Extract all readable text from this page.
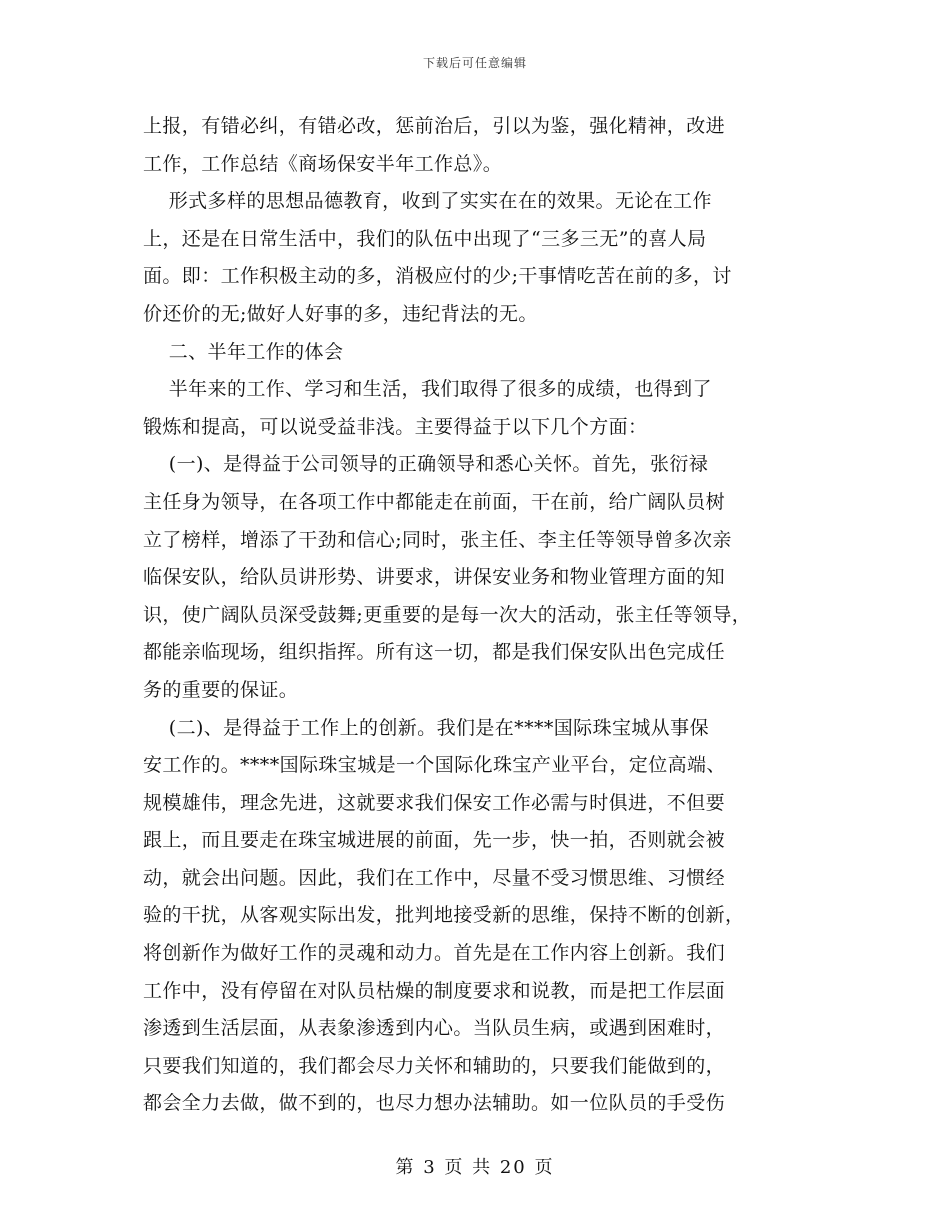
下载后可任意编辑
上报，有错必纠，有错必改，惩前治后，引以为鉴，强化精神，改进
工作，工作总结《商场保安半年工作总》。
形式多样的思想品德教育，收到了实实在在的效果。无论在工作
上，还是在日常生活中，我们的队伍中出现了“三多三无”的喜人局
面。即：工作积极主动的多，消极应付的少;干事情吃苦在前的多，讨
价还价的无;做好人好事的多，违纪背法的无。
二、半年工作的体会
半年来的工作、学习和生活，我们取得了很多的成绩，也得到了
锻炼和提高，可以说受益非浅。主要得益于以下几个方面：
(一)、是得益于公司领导的正确领导和悉心关怀。首先，张衍禄
主任身为领导，在各项工作中都能走在前面，干在前，给广阔队员树
立了榜样，增添了干劲和信心;同时，张主任、李主任等领导曾多次亲
临保安队，给队员讲形势、讲要求，讲保安业务和物业管理方面的知
识，使广阔队员深受鼓舞;更重要的是每一次大的活动，张主任等领导，
都能亲临现场，组织指挥。所有这一切，都是我们保安队出色完成任
务的重要的保证。
(二)、是得益于工作上的创新。我们是在****国际珠宝城从事保
安工作的。****国际珠宝城是一个国际化珠宝产业平台，定位高端、
规模雄伟，理念先进，这就要求我们保安工作必需与时俱进，不但要
跟上，而且要走在珠宝城进展的前面，先一步，快一拍，否则就会被
动，就会出问题。因此，我们在工作中，尽量不受习惯思维、习惯经
验的干扰，从客观实际出发，批判地接受新的思维，保持不断的创新，
将创新作为做好工作的灵魂和动力。首先是在工作内容上创新。我们
工作中，没有停留在对队员枯燥的制度要求和说教，而是把工作层面
渗透到生活层面，从表象渗透到内心。当队员生病，或遇到困难时，
只要我们知道的，我们都会尽力关怀和辅助的，只要我们能做到的，
都会全力去做，做不到的，也尽力想办法辅助。如一位队员的手受伤
第 3 页 共 20 页
